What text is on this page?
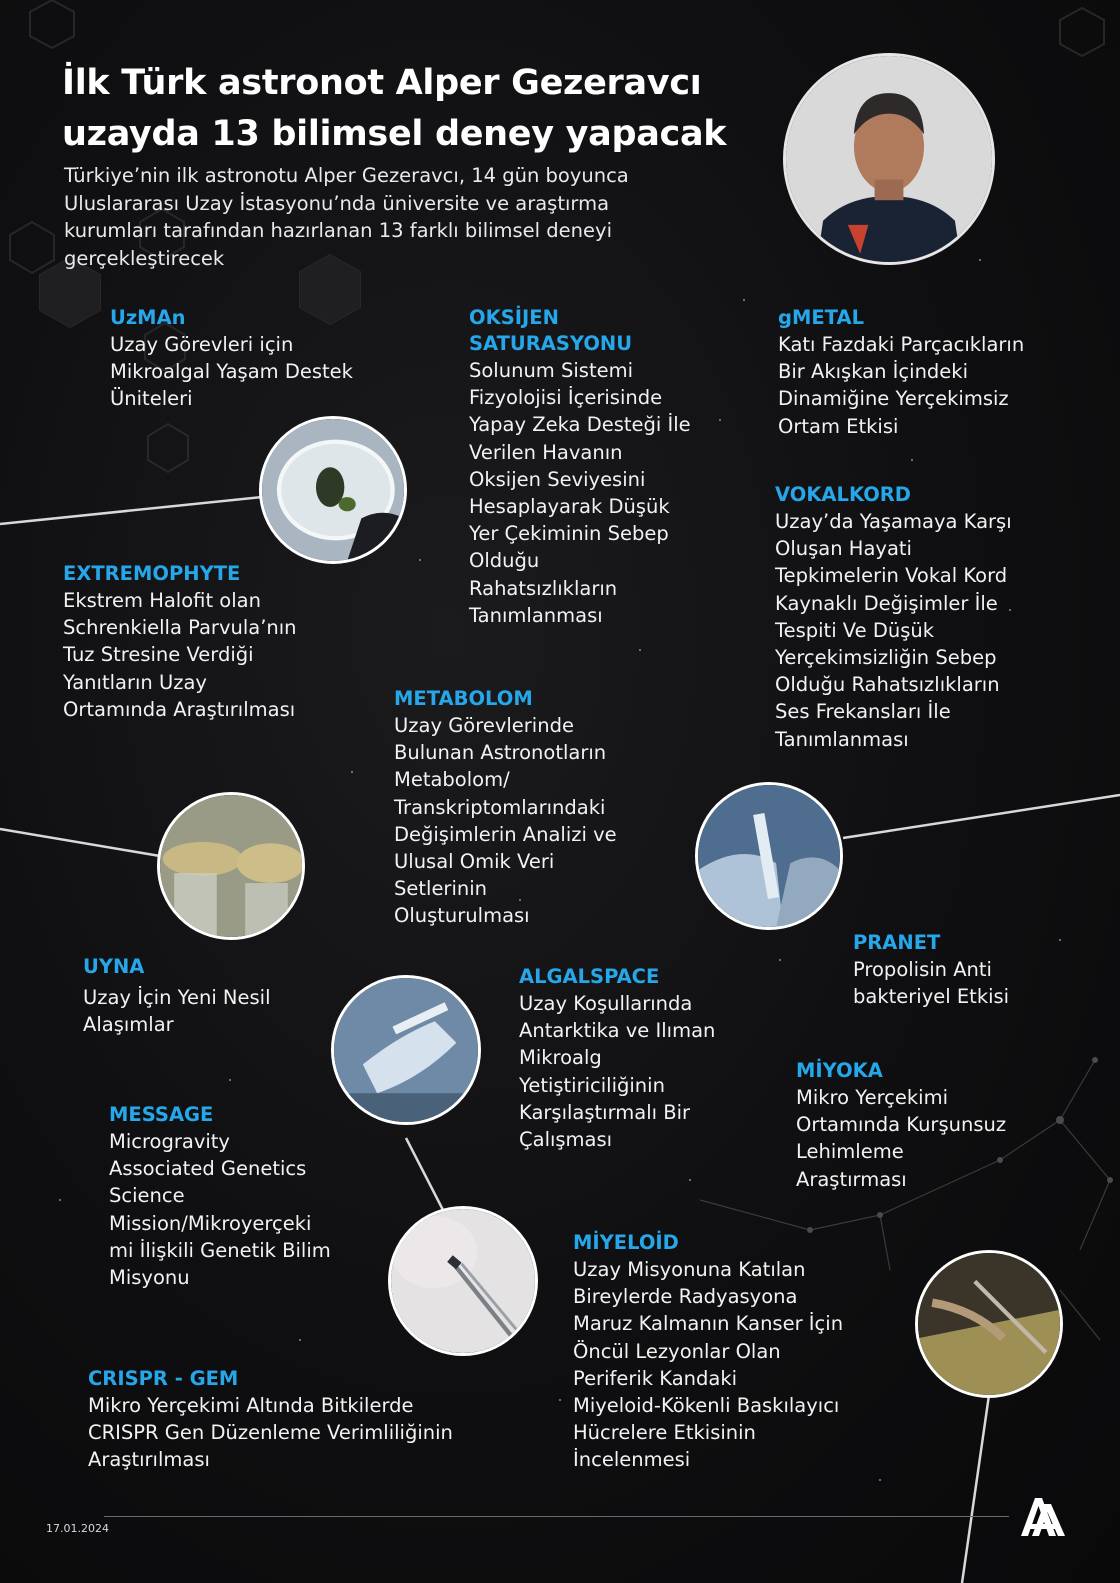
İlk Türk astronot Alper Gezeravcı uzayda 13 bilimsel deney yapacak

Türkiye’nin ilk astronotu Alper Gezeravcı, 14 gün boyunca Uluslararası Uzay İstasyonu’nda üniversite ve araştırma kurumları tarafından hazırlanan 13 farklı bilimsel deneyi gerçekleştirecek

UzMAn
Uzay Görevleri için
Mikroalgal Yaşam Destek
Üniteleri
OKSİJEN
SATURASYONU
Solunum Sistemi
Fizyolojisi İçerisinde
Yapay Zeka Desteği İle
Verilen Havanın
Oksijen Seviyesini
Hesaplayarak Düşük
Yer Çekiminin Sebep
Olduğu
Rahatsızlıkların
Tanımlanması
gMETAL
Katı Fazdaki Parçacıkların
Bir Akışkan İçindeki
Dinamiğine Yerçekimsiz
Ortam Etkisi
VOKALKORD
Uzay’da Yaşamaya Karşı
Oluşan Hayati
Tepkimelerin Vokal Kord
Kaynaklı Değişimler İle
Tespiti Ve Düşük
Yerçekimsizliğin Sebep
Olduğu Rahatsızlıkların
Ses Frekansları İle
Tanımlanması
EXTREMOPHYTE
Ekstrem Halofit olan
Schrenkiella Parvula’nın
Tuz Stresine Verdiği
Yanıtların Uzay
Ortamında Araştırılması	METABOLOM
Uzay Görevlerinde
Bulunan Astronotların
Metabolom/
Transkriptomlarındaki
Değişimlerin Analizi ve
Ulusal Omik Veri
Setlerinin
Oluşturulması
PRANET
Propolisin Anti
bakteriyel Etkisi
UYNA
Uzay İçin Yeni Nesil
Alaşımlar
ALGALSPACE
Uzay Koşullarında
Antarktika ve Ilıman
Mikroalg
Yetiştiriciliğinin
Karşılaştırmalı Bir
Çalışması
MİYOKA
Mikro Yerçekimi
Ortamında Kurşunsuz
Lehimleme
Araştırması
MESSAGE
Microgravity
Associated Genetics
Science
Mission/Mikroyerçeki
mi İlişkili Genetik Bilim
Misyonu
MİYELOİD
Uzay Misyonuna Katılan
Bireylerde Radyasyona
Maruz Kalmanın Kanser İçin
Öncül Lezyonlar Olan
Periferik Kandaki
Miyeloid-Kökenli Baskılayıcı
Hücrelere Etkisinin
İncelenmesi
CRISPR - GEM
Mikro Yerçekimi Altında Bitkilerde
CRISPR Gen Düzenleme Verimliliğinin
Araştırılması
17.01.2024
